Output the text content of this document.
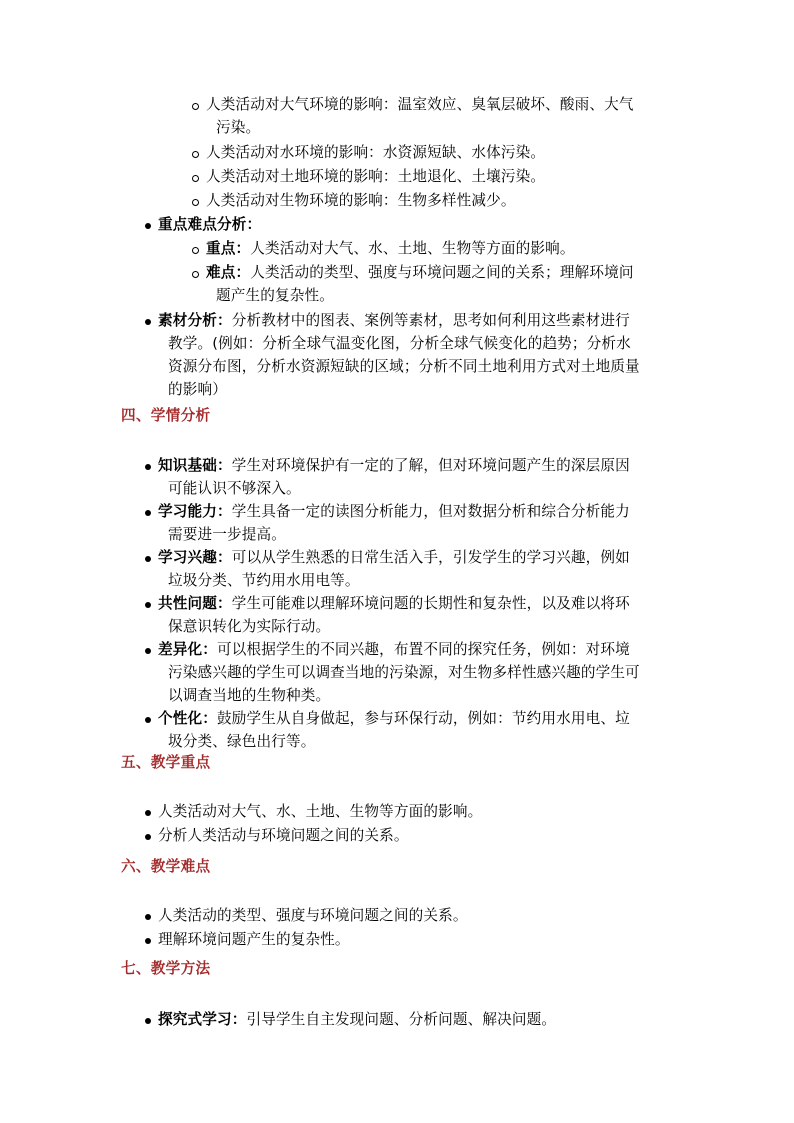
人类活动对大气环境的影响：温室效应、臭氧层破坏、酸雨、大气
污染。
人类活动对水环境的影响：水资源短缺、水体污染。
人类活动对土地环境的影响：土地退化、土壤污染。
人类活动对生物环境的影响：生物多样性减少。
重点难点分析：
重点：人类活动对大气、水、土地、生物等方面的影响。
难点：人类活动的类型、强度与环境问题之间的关系；理解环境问
题产生的复杂性。
素材分析：分析教材中的图表、案例等素材，思考如何利用这些素材进行
教学。(例如：分析全球气温变化图，分析全球气候变化的趋势；分析水
资源分布图，分析水资源短缺的区域；分析不同土地利用方式对土地质量
的影响）
四、学情分析
知识基础：学生对环境保护有一定的了解，但对环境问题产生的深层原因
可能认识不够深入。
学习能力：学生具备一定的读图分析能力，但对数据分析和综合分析能力
需要进一步提高。
学习兴趣：可以从学生熟悉的日常生活入手，引发学生的学习兴趣，例如
垃圾分类、节约用水用电等。
共性问题：学生可能难以理解环境问题的长期性和复杂性，以及难以将环
保意识转化为实际行动。
差异化：可以根据学生的不同兴趣，布置不同的探究任务，例如：对环境
污染感兴趣的学生可以调查当地的污染源，对生物多样性感兴趣的学生可
以调查当地的生物种类。
个性化：鼓励学生从自身做起，参与环保行动，例如：节约用水用电、垃
圾分类、绿色出行等。
五、教学重点
人类活动对大气、水、土地、生物等方面的影响。
分析人类活动与环境问题之间的关系。
六、教学难点
人类活动的类型、强度与环境问题之间的关系。
理解环境问题产生的复杂性。
七、教学方法
探究式学习：引导学生自主发现问题、分析问题、解决问题。
